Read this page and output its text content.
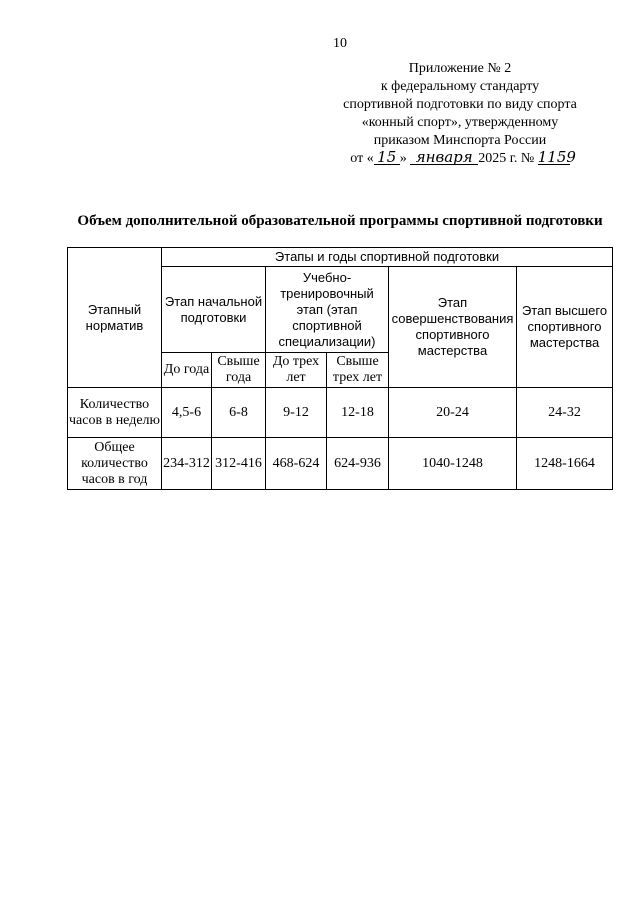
10
Приложение № 2
к федеральному стандарту
спортивной подготовки по виду спорта
«конный спорт», утвержденному
приказом Минспорта России
от « 15 » января 2025 г. № 1159
Объем дополнительной образовательной программы спортивной подготовки
Этапный норматив	Этапы и годы спортивной подготовки					
	Этап начальной подготовки		Учебно-тренировочный этап (этап спортивной специализации)		Этап совершенствования спортивного мастерства	Этап высшего спортивного мастерства
	До года	Свыше года	До трех лет	Свыше трех лет		
Количество часов в неделю	4,5-6	6-8	9-12	12-18	20-24	24-32
Общее количество часов в год	234-312	312-416	468-624	624-936	1040-1248	1248-1664
